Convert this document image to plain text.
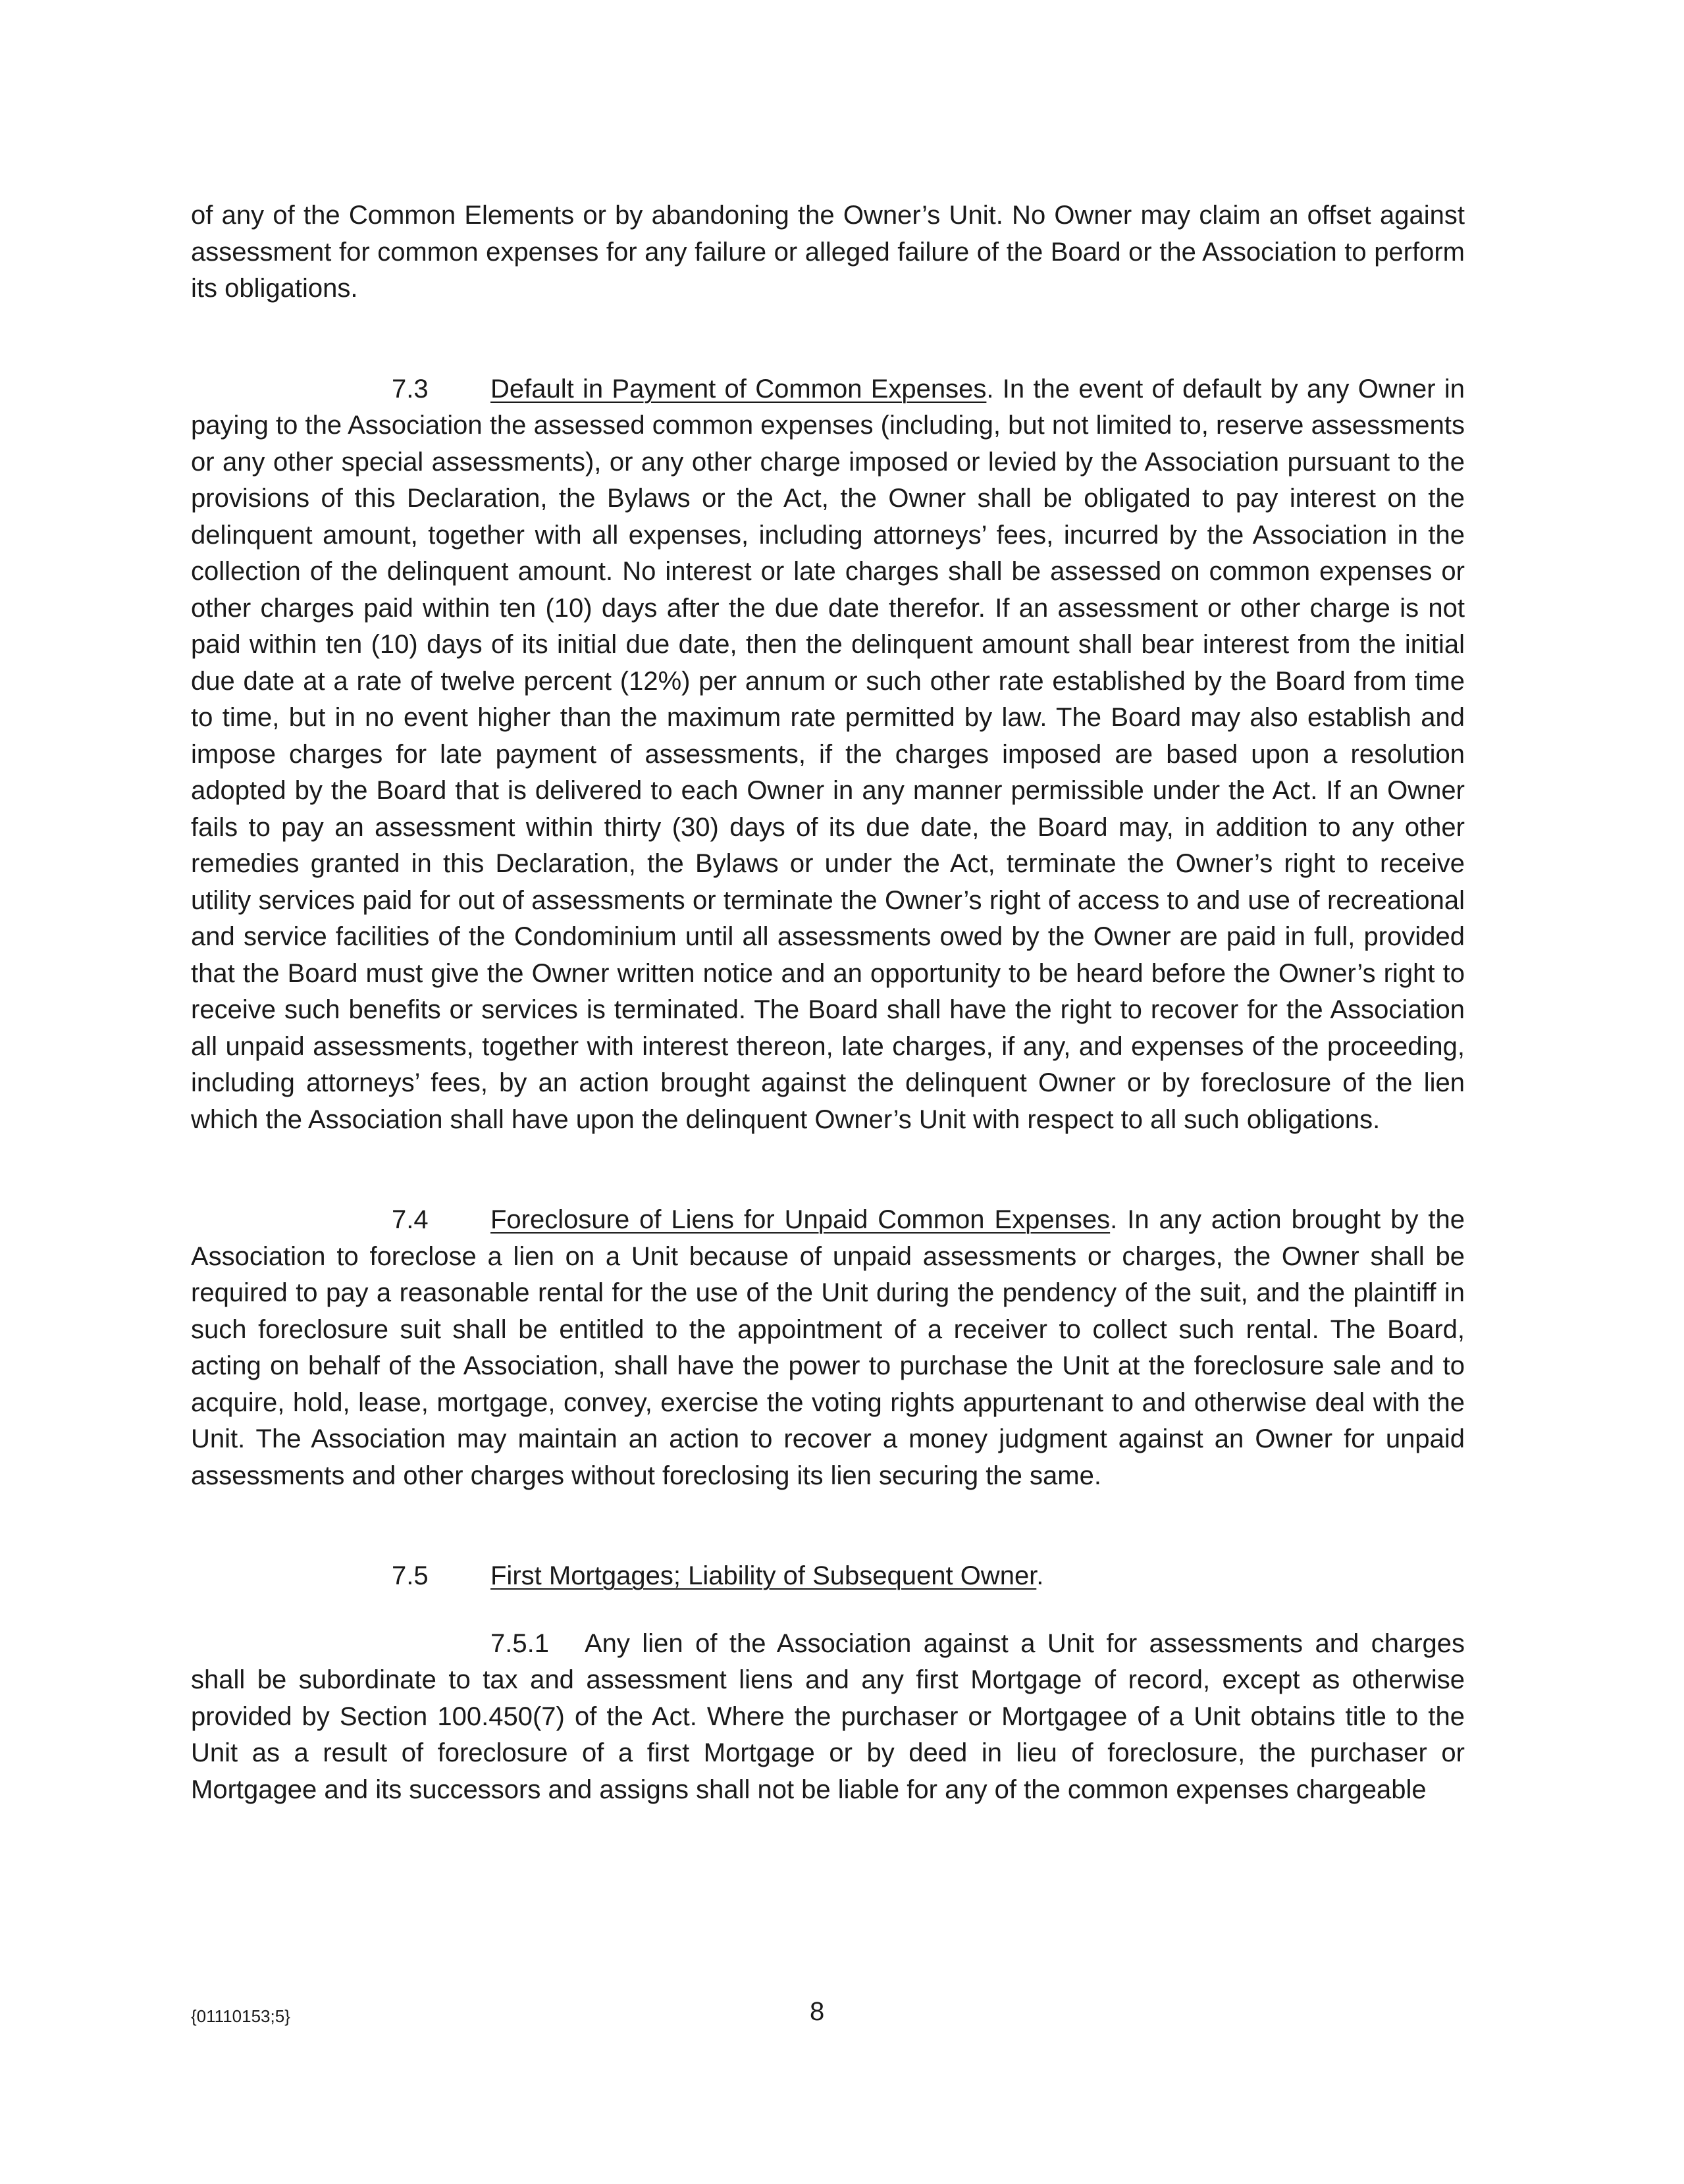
of any of the Common Elements or by abandoning the Owner’s Unit. No Owner may claim an offset against assessment for common expenses for any failure or alleged failure of the Board or the Association to perform its obligations.

7.3 Default in Payment of Common Expenses. In the event of default by any Owner in paying to the Association the assessed common expenses (including, but not limited to, reserve assessments or any other special assessments), or any other charge imposed or levied by the Association pursuant to the provisions of this Declaration, the Bylaws or the Act, the Owner shall be obligated to pay interest on the delinquent amount, together with all expenses, including attorneys’ fees, incurred by the Association in the collection of the delinquent amount. No interest or late charges shall be assessed on common expenses or other charges paid within ten (10) days after the due date therefor. If an assessment or other charge is not paid within ten (10) days of its initial due date, then the delinquent amount shall bear interest from the initial due date at a rate of twelve percent (12%) per annum or such other rate established by the Board from time to time, but in no event higher than the maximum rate permitted by law. The Board may also establish and impose charges for late payment of assessments, if the charges imposed are based upon a resolution adopted by the Board that is delivered to each Owner in any manner permissible under the Act. If an Owner fails to pay an assessment within thirty (30) days of its due date, the Board may, in addition to any other remedies granted in this Declaration, the Bylaws or under the Act, terminate the Owner’s right to receive utility services paid for out of assessments or terminate the Owner’s right of access to and use of recreational and service facilities of the Condominium until all assessments owed by the Owner are paid in full, provided that the Board must give the Owner written notice and an opportunity to be heard before the Owner’s right to receive such benefits or services is terminated. The Board shall have the right to recover for the Association all unpaid assessments, together with interest thereon, late charges, if any, and expenses of the proceeding, including attorneys’ fees, by an action brought against the delinquent Owner or by foreclosure of the lien which the Association shall have upon the delinquent Owner’s Unit with respect to all such obligations.

7.4 Foreclosure of Liens for Unpaid Common Expenses. In any action brought by the Association to foreclose a lien on a Unit because of unpaid assessments or charges, the Owner shall be required to pay a reasonable rental for the use of the Unit during the pendency of the suit, and the plaintiff in such foreclosure suit shall be entitled to the appointment of a receiver to collect such rental. The Board, acting on behalf of the Association, shall have the power to purchase the Unit at the foreclosure sale and to acquire, hold, lease, mortgage, convey, exercise the voting rights appurtenant to and otherwise deal with the Unit. The Association may maintain an action to recover a money judgment against an Owner for unpaid assessments and other charges without foreclosing its lien securing the same.

7.5 First Mortgages; Liability of Subsequent Owner.

7.5.1 Any lien of the Association against a Unit for assessments and charges shall be subordinate to tax and assessment liens and any first Mortgage of record, except as otherwise provided by Section 100.450(7) of the Act. Where the purchaser or Mortgagee of a Unit obtains title to the Unit as a result of foreclosure of a first Mortgage or by deed in lieu of foreclosure, the purchaser or Mortgagee and its successors and assigns shall not be liable for any of the common expenses chargeable

{01110153;5}	8
